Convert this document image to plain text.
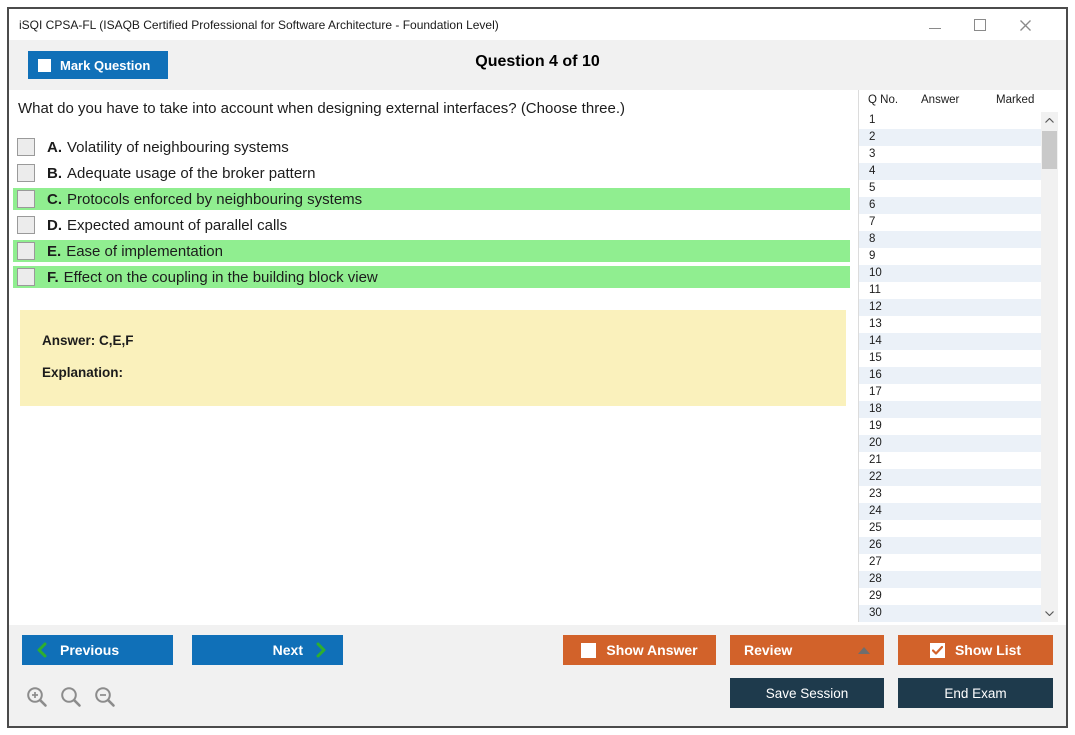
iSQI CPSA-FL (ISAQB Certified Professional for Software Architecture - Foundation Level)
Mark Question	Question 4 of 10
What do you have to take into account when designing external interfaces? (Choose three.)
A. Volatility of neighbouring systems
B. Adequate usage of the broker pattern
C. Protocols enforced by neighbouring systems
D. Expected amount of parallel calls
E. Ease of implementation
F. Effect on the coupling in the building block view
Answer: C,E,F
Explanation:
Q No. Answer	Marked
1
2
3
4
5
6
7
8
9
10
11
12
13
14
15
16
17
18
19
20
21
22
23
24
25
26
27
28
29
30
Previous	Next	Show Answer	Review	Show List
Save Session	End Exam
